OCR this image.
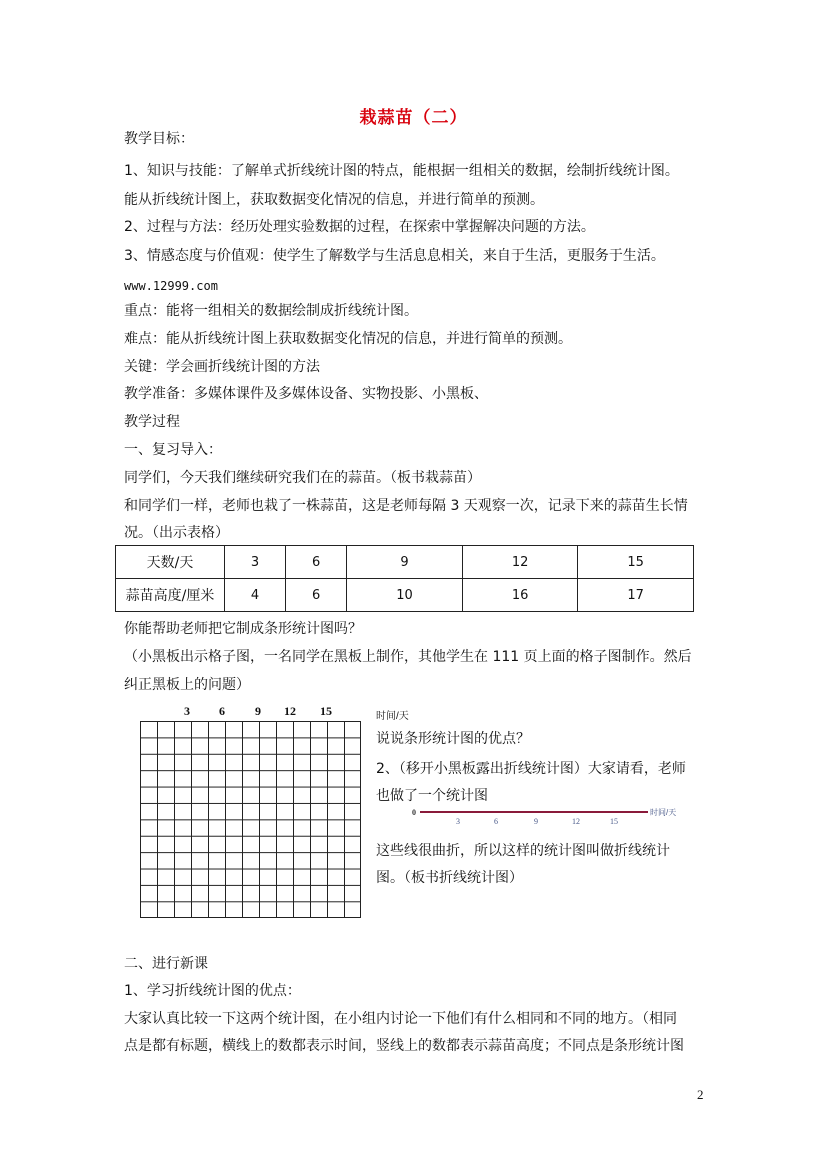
栽蒜苗（二）
教学目标：
1、知识与技能：了解单式折线统计图的特点，能根据一组相关的数据，绘制折线统计图。
能从折线统计图上，获取数据变化情况的信息，并进行简单的预测。
2、过程与方法：经历处理实验数据的过程，在探索中掌握解决问题的方法。
3、情感态度与价值观：使学生了解数学与生活息息相关，来自于生活，更服务于生活。
www.12999.com
重点：能将一组相关的数据绘制成折线统计图。
难点：能从折线统计图上获取数据变化情况的信息，并进行简单的预测。
关键：学会画折线统计图的方法
教学准备：多媒体课件及多媒体设备、实物投影、小黑板、
教学过程
一、复习导入：
同学们，今天我们继续研究我们在的蒜苗。（板书栽蒜苗）
和同学们一样，老师也栽了一株蒜苗，这是老师每隔 3 天观察一次，记录下来的蒜苗生长情
况。（出示表格）
天数/天	3	6	9	12	15
蒜苗高度/厘米	4	6	10	16	17
你能帮助老师把它制成条形统计图吗？
（小黑板出示格子图，一名同学在黑板上制作，其他学生在 111 页上面的格子图制作。然后
纠正黑板上的问题）
3 6	9 12 15	时间/天
说说条形统计图的优点？
2、（移开小黑板露出折线统计图）大家请看，老师
也做了一个统计图
0
3	6	9	12	15
时间/天
这些线很曲折，所以这样的统计图叫做折线统计
图。（板书折线统计图）
二、进行新课
1、学习折线统计图的优点：
大家认真比较一下这两个统计图，在小组内讨论一下他们有什么相同和不同的地方。（相同
点是都有标题，横线上的数都表示时间，竖线上的数都表示蒜苗高度；不同点是条形统计图
2
